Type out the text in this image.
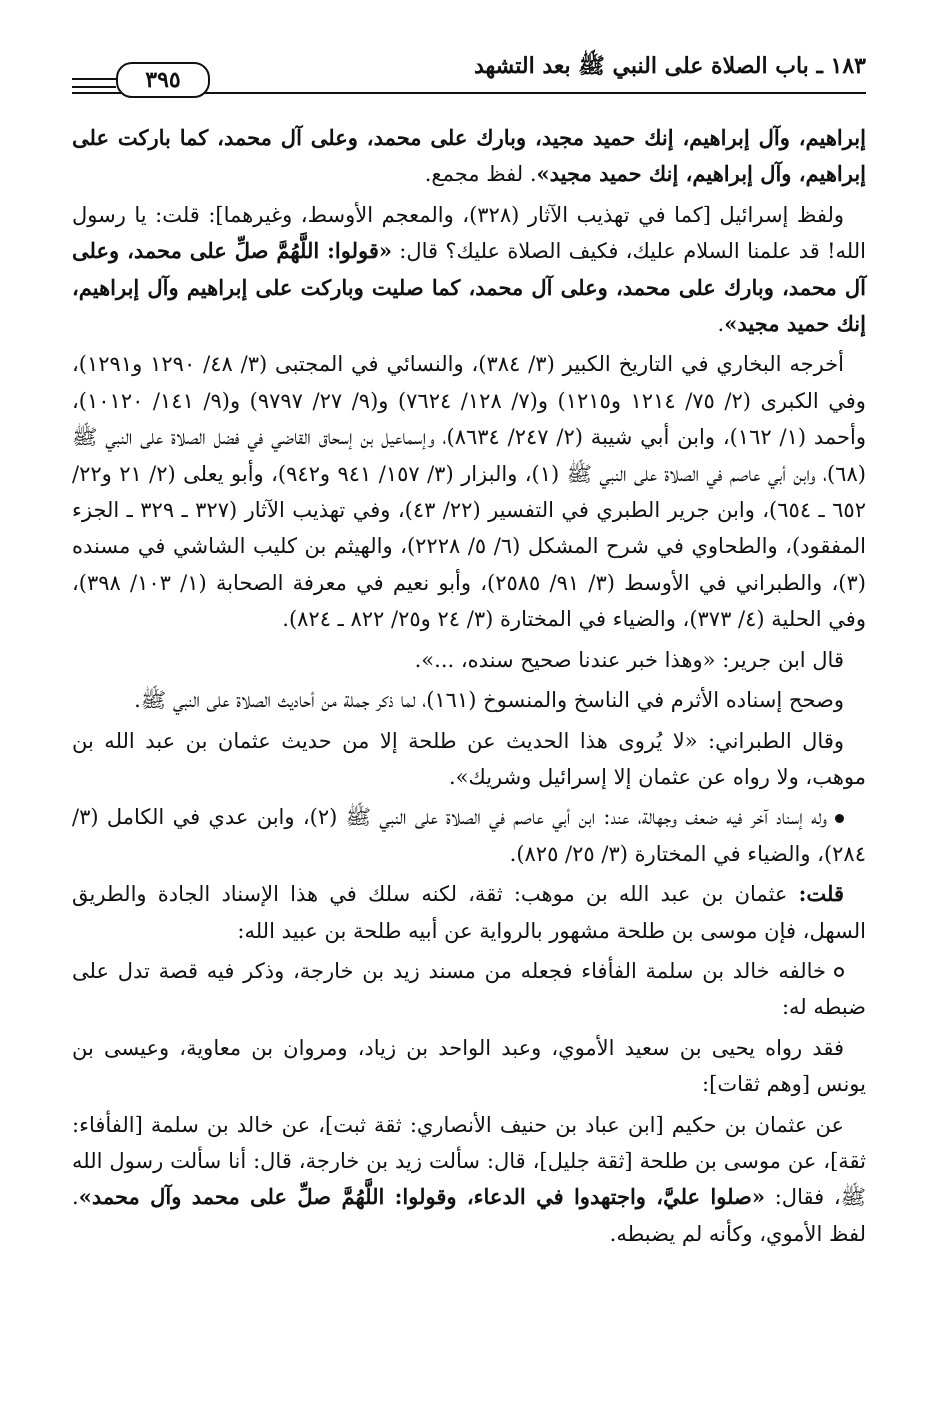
١٨٣ ـ باب الصلاة على النبي ﷺ بعد التشهد
٣٩٥

إبراهيم، وآل إبراهيم، إنك حميد مجيد، وبارك على محمد، وعلى آل محمد، كما باركت على إبراهيم، وآل إبراهيم، إنك حميد مجيد». لفظ مجمع.

ولفظ إسرائيل [كما في تهذيب الآثار (٣٢٨)، والمعجم الأوسط، وغيرهما]: قلت: يا رسول الله! قد علمنا السلام عليك، فكيف الصلاة عليك؟ قال: «قولوا: اللَّهُمَّ صلِّ على محمد، وعلى آل محمد، وبارك على محمد، وعلى آل محمد، كما صليت وباركت على إبراهيم وآل إبراهيم، إنك حميد مجيد».

أخرجه البخاري في التاريخ الكبير (٣/ ٣٨٤)، والنسائي في المجتبى (٣/ ٤٨/ ١٢٩٠ و١٢٩١)، وفي الكبرى (٢/ ٧٥/ ١٢١٤ و١٢١٥) و(٧/ ١٢٨/ ٧٦٢٤) و(٩/ ٢٧/ ٩٧٩٧) و(٩/ ١٤١/ ١٠١٢٠)، وأحمد (١/ ١٦٢)، وابن أبي شيبة (٢/ ٢٤٧/ ٨٦٣٤)، وإسماعيل بن إسحاق القاضي في فضل الصلاة على النبي ﷺ (٦٨)، وابن أبي عاصم في الصلاة على النبي ﷺ (١)، والبزار (٣/ ١٥٧/ ٩٤١ و٩٤٢)، وأبو يعلى (٢/ ٢١ و٢٢/ ٦٥٢ ـ ٦٥٤)، وابن جرير الطبري في التفسير (٢٢/ ٤٣)، وفي تهذيب الآثار (٣٢٧ ـ ٣٢٩ ـ الجزء المفقود)، والطحاوي في شرح المشكل (٦/ ٥/ ٢٢٢٨)، والهيثم بن كليب الشاشي في مسنده (٣)، والطبراني في الأوسط (٣/ ٩١/ ٢٥٨٥)، وأبو نعيم في معرفة الصحابة (١/ ١٠٣/ ٣٩٨)، وفي الحلية (٤/ ٣٧٣)، والضياء في المختارة (٣/ ٢٤ و٢٥/ ٨٢٢ ـ ٨٢٤).

قال ابن جرير: «وهذا خبر عندنا صحيح سنده، ...».

وصحح إسناده الأثرم في الناسخ والمنسوخ (١٦١)، لما ذكر جملة من أحاديث الصلاة على النبي ﷺ.

وقال الطبراني: «لا يُروى هذا الحديث عن طلحة إلا من حديث عثمان بن عبد الله بن موهب، ولا رواه عن عثمان إلا إسرائيل وشريك».

وله إسناد آخر فيه ضعف وجهالة، عند: ابن أبي عاصم في الصلاة على النبي ﷺ (٢)، وابن عدي في الكامل (٣/ ٢٨٤)، والضياء في المختارة (٣/ ٢٥/ ٨٢٥).

قلت: عثمان بن عبد الله بن موهب: ثقة، لكنه سلك في هذا الإسناد الجادة والطريق السهل، فإن موسى بن طلحة مشهور بالرواية عن أبيه طلحة بن عبيد الله:

خالفه خالد بن سلمة الفأفاء فجعله من مسند زيد بن خارجة، وذكر فيه قصة تدل على ضبطه له:

فقد رواه يحيى بن سعيد الأموي، وعبد الواحد بن زياد، ومروان بن معاوية، وعيسى بن يونس [وهم ثقات]:

عن عثمان بن حكيم [ابن عباد بن حنيف الأنصاري: ثقة ثبت]، عن خالد بن سلمة [الفأفاء: ثقة]، عن موسى بن طلحة [ثقة جليل]، قال: سألت زيد بن خارجة، قال: أنا سألت رسول الله ﷺ، فقال: «صلوا عليَّ، واجتهدوا في الدعاء، وقولوا: اللَّهُمَّ صلِّ على محمد وآل محمد». لفظ الأموي، وكأنه لم يضبطه.
